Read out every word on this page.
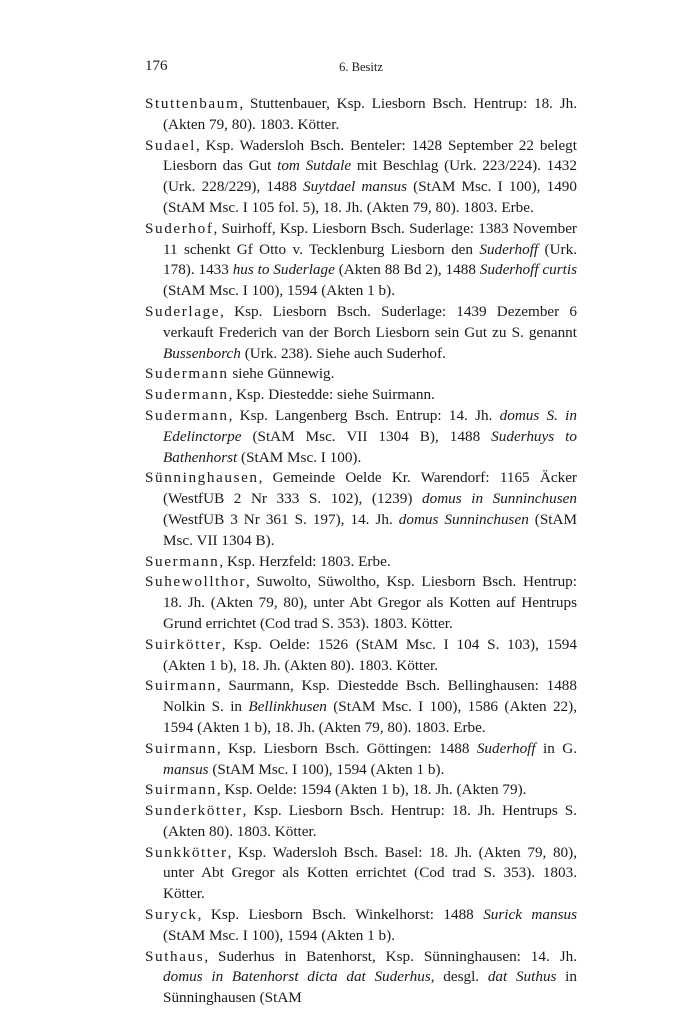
176	6. Besitz

Stuttenbaum, Stuttenbauer, Ksp. Liesborn Bsch. Hentrup: 18. Jh. (Akten 79, 80). 1803. Kötter.

Sudael, Ksp. Wadersloh Bsch. Benteler: 1428 September 22 belegt Liesborn das Gut tom Sutdale mit Beschlag (Urk. 223/224). 1432 (Urk. 228/229), 1488 Suytdael mansus (StAM Msc. I 100), 1490 (StAM Msc. I 105 fol. 5), 18. Jh. (Akten 79, 80). 1803. Erbe.

Suderhof, Suirhoff, Ksp. Liesborn Bsch. Suderlage: 1383 November 11 schenkt Gf Otto v. Tecklenburg Liesborn den Suderhoff (Urk. 178). 1433 hus to Suderlage (Akten 88 Bd 2), 1488 Suderhoff curtis (StAM Msc. I 100), 1594 (Akten 1 b).

Suderlage, Ksp. Liesborn Bsch. Suderlage: 1439 Dezember 6 verkauft Frederich van der Borch Liesborn sein Gut zu S. genannt Bussenborch (Urk. 238). Siehe auch Suderhof.

Sudermann siehe Günnewig.

Sudermann, Ksp. Diestedde: siehe Suirmann.

Sudermann, Ksp. Langenberg Bsch. Entrup: 14. Jh. domus S. in Edelinctorpe (StAM Msc. VII 1304 B), 1488 Suderhuys to Bathenhorst (StAM Msc. I 100).

Sünninghausen, Gemeinde Oelde Kr. Warendorf: 1165 Äcker (WestfUB 2 Nr 333 S. 102), (1239) domus in Sunninchusen (WestfUB 3 Nr 361 S. 197), 14. Jh. domus Sunninchusen (StAM Msc. VII 1304 B).

Suermann, Ksp. Herzfeld: 1803. Erbe.

Suhewollthor, Suwolto, Süwoltho, Ksp. Liesborn Bsch. Hentrup: 18. Jh. (Akten 79, 80), unter Abt Gregor als Kotten auf Hentrups Grund errichtet (Cod trad S. 353). 1803. Kötter.

Suirkötter, Ksp. Oelde: 1526 (StAM Msc. I 104 S. 103), 1594 (Akten 1 b), 18. Jh. (Akten 80). 1803. Kötter.

Suirmann, Saurmann, Ksp. Diestedde Bsch. Bellinghausen: 1488 Nolkin S. in Bellinkhusen (StAM Msc. I 100), 1586 (Akten 22), 1594 (Akten 1 b), 18. Jh. (Akten 79, 80). 1803. Erbe.

Suirmann, Ksp. Liesborn Bsch. Göttingen: 1488 Suderhoff in G. mansus (StAM Msc. I 100), 1594 (Akten 1 b).

Suirmann, Ksp. Oelde: 1594 (Akten 1 b), 18. Jh. (Akten 79).

Sunderkötter, Ksp. Liesborn Bsch. Hentrup: 18. Jh. Hentrups S. (Akten 80). 1803. Kötter.

Sunkkötter, Ksp. Wadersloh Bsch. Basel: 18. Jh. (Akten 79, 80), unter Abt Gregor als Kotten errichtet (Cod trad S. 353). 1803. Kötter.

Suryck, Ksp. Liesborn Bsch. Winkelhorst: 1488 Surick mansus (StAM Msc. I 100), 1594 (Akten 1 b).

Suthaus, Suderhus in Batenhorst, Ksp. Sünninghausen: 14. Jh. domus in Batenhorst dicta dat Suderhus, desgl. dat Suthus in Sünninghausen (StAM
